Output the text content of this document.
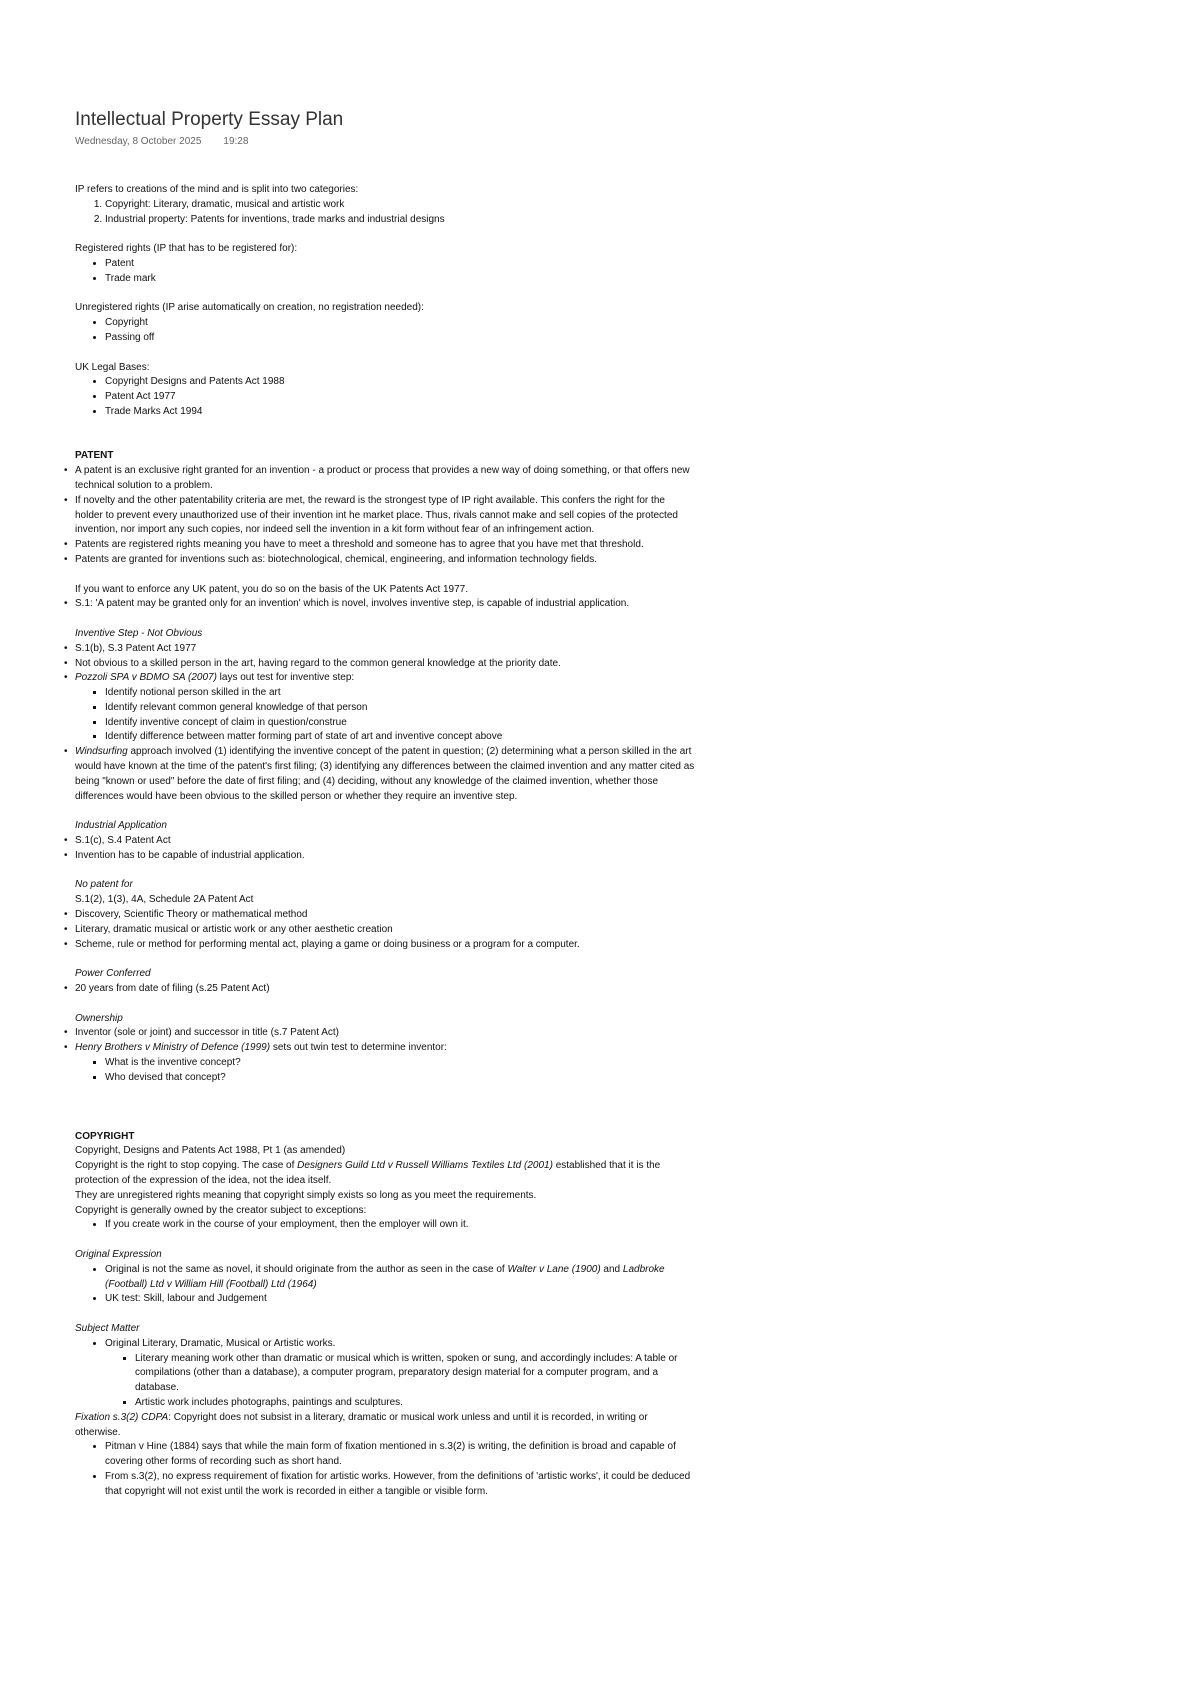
Intellectual Property Essay Plan
Wednesday, 8 October 2025 19:28

IP refers to creations of the mind and is split into two categories:

1. Copyright: Literary, dramatic, musical and artistic work
2. Industrial property: Patents for inventions, trade marks and industrial designs

Registered rights (IP that has to be registered for):

• Patent
• Trade mark

Unregistered rights (IP arise automatically on creation, no registration needed):

• Copyright
• Passing off

UK Legal Bases:

• Copyright Designs and Patents Act 1988
• Patent Act 1977
• Trade Marks Act 1994

PATENT

• A patent is an exclusive right granted for an invention - a product or process that provides a new way of doing something, or that offers new technical solution to a problem.
• If novelty and the other patentability criteria are met, the reward is the strongest type of IP right available. This confers the right for the holder to prevent every unauthorized use of their invention int he market place. Thus, rivals cannot make and sell copies of the protected invention, nor import any such copies, nor indeed sell the invention in a kit form without fear of an infringement action.
• Patents are registered rights meaning you have to meet a threshold and someone has to agree that you have met that threshold.
• Patents are granted for inventions such as: biotechnological, chemical, engineering, and information technology fields.

If you want to enforce any UK patent, you do so on the basis of the UK Patents Act 1977.

• S.1: 'A patent may be granted only for an invention' which is novel, involves inventive step, is capable of industrial application.

Inventive Step - Not Obvious

• S.1(b), S.3 Patent Act 1977
• Not obvious to a skilled person in the art, having regard to the common general knowledge at the priority date.
• Pozzoli SPA v BDMO SA (2007) lays out test for inventive step:
▪ Identify notional person skilled in the art
▪ Identify relevant common general knowledge of that person
▪ Identify inventive concept of claim in question/construe
▪ Identify difference between matter forming part of state of art and inventive concept above
• Windsurfing approach involved (1) identifying the inventive concept of the patent in question; (2) determining what a person skilled in the art would have known at the time of the patent's first filing; (3) identifying any differences between the claimed invention and any matter cited as being "known or used" before the date of first filing; and (4) deciding, without any knowledge of the claimed invention, whether those differences would have been obvious to the skilled person or whether they require an inventive step.

Industrial Application

• S.1(c), S.4 Patent Act
• Invention has to be capable of industrial application.

No patent for

S.1(2), 1(3), 4A, Schedule 2A Patent Act

• Discovery, Scientific Theory or mathematical method
• Literary, dramatic musical or artistic work or any other aesthetic creation
• Scheme, rule or method for performing mental act, playing a game or doing business or a program for a computer.

Power Conferred

• 20 years from date of filing (s.25 Patent Act)

Ownership

• Inventor (sole or joint) and successor in title (s.7 Patent Act)
• Henry Brothers v Ministry of Defence (1999) sets out twin test to determine inventor:
▪ What is the inventive concept?
▪ Who devised that concept?

COPYRIGHT

Copyright, Designs and Patents Act 1988, Pt 1 (as amended)

Copyright is the right to stop copying. The case of Designers Guild Ltd v Russell Williams Textiles Ltd (2001) established that it is the protection of the expression of the idea, not the idea itself.

They are unregistered rights meaning that copyright simply exists so long as you meet the requirements.

Copyright is generally owned by the creator subject to exceptions:

• If you create work in the course of your employment, then the employer will own it.

Original Expression

• Original is not the same as novel, it should originate from the author as seen in the case of Walter v Lane (1900) and Ladbroke (Football) Ltd v William Hill (Football) Ltd (1964)
• UK test: Skill, labour and Judgement

Subject Matter

• Original Literary, Dramatic, Musical or Artistic works.
▪ Literary meaning work other than dramatic or musical which is written, spoken or sung, and accordingly includes: A table or compilations (other than a database), a computer program, preparatory design material for a computer program, and a database.
▪ Artistic work includes photographs, paintings and sculptures.

Fixation s.3(2) CDPA: Copyright does not subsist in a literary, dramatic or musical work unless and until it is recorded, in writing or otherwise.

• Pitman v Hine (1884) says that while the main form of fixation mentioned in s.3(2) is writing, the definition is broad and capable of covering other forms of recording such as short hand.
• From s.3(2), no express requirement of fixation for artistic works. However, from the definitions of 'artistic works', it could be deduced that copyright will not exist until the work is recorded in either a tangible or visible form.
